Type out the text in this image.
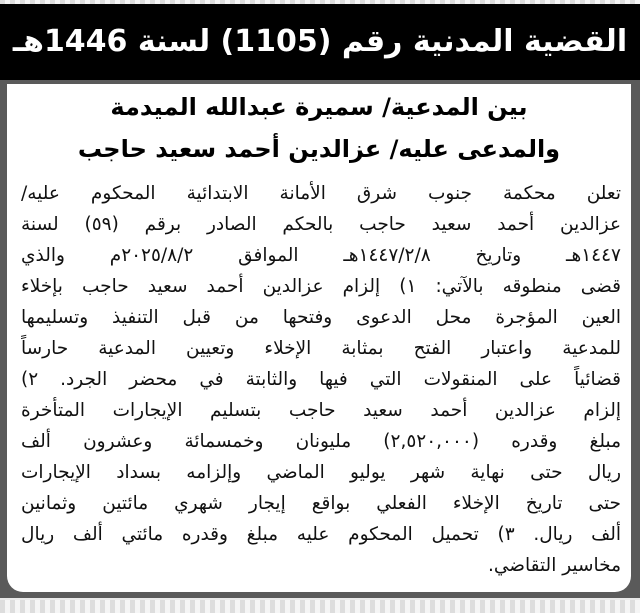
القضية المدنية رقم (1105) لسنة 1446هـ
بين المدعية/ سميرة عبدالله الميدمة
والمدعى عليه/ عزالدين أحمد سعيد حاجب
تعلن محكمة جنوب شرق الأمانة الابتدائية المحكوم عليه/
عزالدين أحمد سعيد حاجب بالحكم الصادر برقم (٥٩) لسنة
١٤٤٧هـ وتاريخ ١٤٤٧/٢/٨هـ الموافق ٢٠٢٥/٨/٢م والذي
قضى منطوقه بالآتي: ١) إلزام عزالدين أحمد سعيد حاجب بإخلاء
العين المؤجرة محل الدعوى وفتحها من قبل التنفيذ وتسليمها
للمدعية واعتبار الفتح بمثابة الإخلاء وتعيين المدعية حارساً
قضائياً على المنقولات التي فيها والثابتة في محضر الجرد. ٢)
إلزام عزالدين أحمد سعيد حاجب بتسليم الإيجارات المتأخرة
مبلغ وقدره (٢,٥٢٠,٠٠٠) مليونان وخمسمائة وعشرون ألف
ريال حتى نهاية شهر يوليو الماضي وإلزامه بسداد الإيجارات
حتى تاريخ الإخلاء الفعلي بواقع إيجار شهري مائتين وثمانين
ألف ريال. ٣) تحميل المحكوم عليه مبلغ وقدره مائتي ألف ريال
مخاسير التقاضي.
